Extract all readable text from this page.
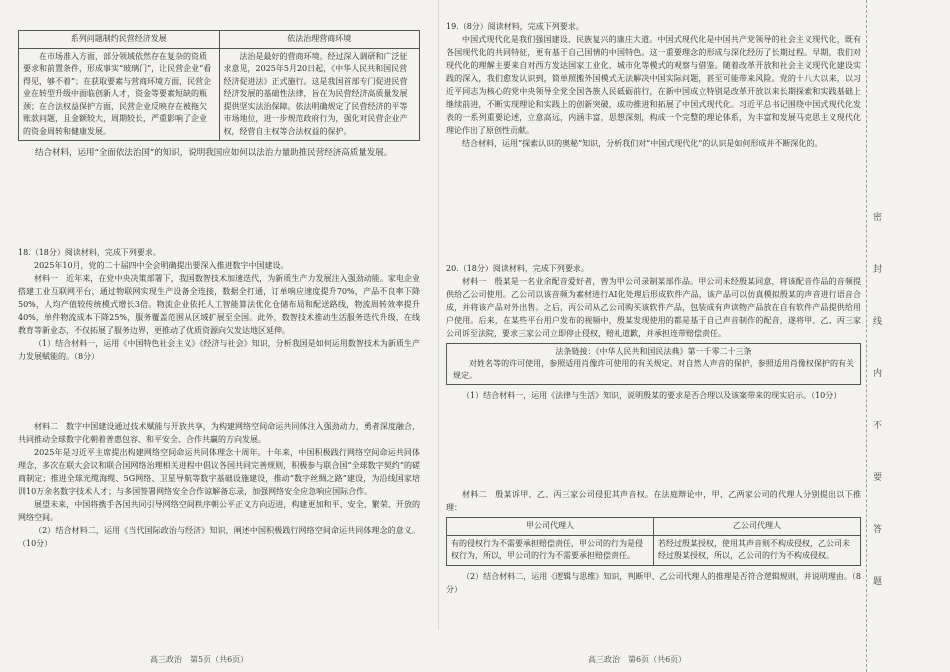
系列问题制约民营经济发展	依法治理营商环境
在市场准入方面，部分领域依然存在复杂的资质要求和前置条件，形成事实“玻璃门”，让民营企业“看得见，够不着”；在获取要素与营商环境方面，民营企业在转型升级中面临创新人才，资金等要素短缺的瓶颈；在合法权益保护方面，民营企业反映存在被拖欠账款问题，且金额较大，周期较长，严重影响了企业的资金周转和健康发展。	法治是最好的营商环境。经过深入调研和广泛征求意见，2025年5月20日起，《中华人民共和国民营经济促进法》正式施行。这是我国首部专门促进民营经济发展的基础性法律，旨在为民营经济高质量发展提供坚实法治保障。依法明确规定了民营经济的平等市场地位，进一步规范政府行为，强化对民营企业产权，经营自主权等合法权益的保护。

结合材料，运用“全面依法治国”的知识，说明我国应如何以法治力量助推民营经济高质量发展。

18.（18分）阅读材料，完成下列要求。

2025年10月，党的二十届四中全会明确提出要深入推进数字中国建设。

材料一　近年来，在党中央决策部署下，我国数智技术加速迭代，为新质生产力发展注入强劲动能。家电企业搭建工业互联网平台，通过物联网实现生产设备全连接，数据全打通，订单响应速度提升70%，产品不良率下降50%，人均产值较传统模式增长3倍。物流企业依托人工智能算法优化仓储布局和配送路线，物流周转效率提升40%，单件物流成本下降25%，服务覆盖范围从区域扩展至全国。此外，数智技术推动生活服务迭代升级，在线教育等新业态，不仅拓展了服务边界，更推动了优质资源向欠发达地区延伸。

（1）结合材料一，运用《中国特色社会主义》《经济与社会》知识，分析我国是如何运用数智技术为新质生产力发展赋能的。（8分）

材料二　数字中国建设通过技术赋能与开放共享，为构建网络空间命运共同体注入强劲动力，勇者深度融合，共同推动全球数字化朝着普惠包容、和平安全、合作共赢的方向发展。

2025年是习近平主席提出构建网络空间命运共同体理念十周年。十年来，中国积极践行网络空间命运共同体理念，多次在联大会议和联合国网络治理相关进程中倡议各国共同完善规则，积极参与联合国“全球数字契约”的磋商制定；推进全球光缆海缆、5G网络、卫星导航等数字基础设施建设，推动“数字丝绸之路”建设，为沿线国家培训10万余名数字技术人才；与多国签署网络安全合作谅解备忘录，加强网络安全应急响应国际合作。

展望未来，中国将携手各国共同引导网络空间秩序朝公平正义方向迈进，构建更加和平、安全、繁荣、开放的网络空间。

（2）结合材料二，运用《当代国际政治与经济》知识，阐述中国积极践行网络空间命运共同体理念的意义。（10分）

高三政治　第5页（共6页）

19.（8分）阅读材料，完成下列要求。

中国式现代化是我们强国建设、民族复兴的康庄大道。中国式现代化是中国共产党领导的社会主义现代化，既有各国现代化的共同特征，更有基于自己国情的中国特色。这一重要理念的形成与深化经历了长期过程。早期，我们对现代化的理解主要来自对西方发达国家工业化、城市化等模式的观察与借鉴。随着改革开放和社会主义现代化建设实践的深入，我们愈发认识到，简单照搬外国模式无法解决中国实际问题，甚至可能带来风险。党的十八大以来，以习近平同志为核心的党中央领导全党全国各族人民砥砺前行，在新中国成立特别是改革开放以来长期探索和实践基础上继续前进，不断实现理论和实践上的创新突破，成功推进和拓展了中国式现代化。习近平总书记围绕中国式现代化发表的一系列重要论述，立意高远，内涵丰富，思想深刻，构成一个完整的理论体系，为丰富和发展马克思主义现代化理论作出了原创性贡献。

结合材料，运用“探索认识的奥秘”知识，分析我们对“中国式现代化”的认识是如何形成并不断深化的。

20.（18分）阅读材料，完成下列要求。

材料一　殷某是一名业余配音爱好者，曾为甲公司录制某部作品。甲公司未经殷某同意，将该配音作品的音频提供给乙公司使用。乙公司以该音频为素材进行AI化处理后形成软件产品，该产品可以仿真模拟殷某的声音进行语音合成，并将该产品对外出售。之后，丙公司从乙公司购买该软件产品，包装成有声读物产品放在自有软件产品提供给用户使用。后来，在某些平台用户发布的视频中，殷某发现使用的都是基于自己声音制作的配音，遂将甲、乙、丙三家公司诉至法院，要求三家公司立即停止侵权，赔礼道歉，并承担连带赔偿责任。

法条链接：《中华人民共和国民法典》第一千零二十三条

对姓名等的许可使用，参照适用肖像许可使用的有关规定。对自然人声音的保护，参照适用肖像权保护的有关规定。

（1）结合材料一，运用《法律与生活》知识，说明殷某的要求是否合理以及该案带来的现实启示。（10分）

材料二　殷某诉甲、乙、丙三家公司侵犯其声音权。在法庭辩论中，甲、乙两家公司的代理人分别提出以下推理：

甲公司代理人	乙公司代理人
有的侵权行为不需要承担赔偿责任，甲公司的行为是侵权行为，所以，甲公司的行为不需要承担赔偿责任。	若经过殷某授权，使用其声音则不构成侵权，乙公司未经过殷某授权，所以，乙公司的行为不构成侵权。

（2）结合材料二，运用《逻辑与思维》知识，判断甲、乙公司代理人的推理是否符合逻辑规则，并说明理由。（8分）

高三政治　第6页（共6页）
密
封
线
内
不
要
答
题
